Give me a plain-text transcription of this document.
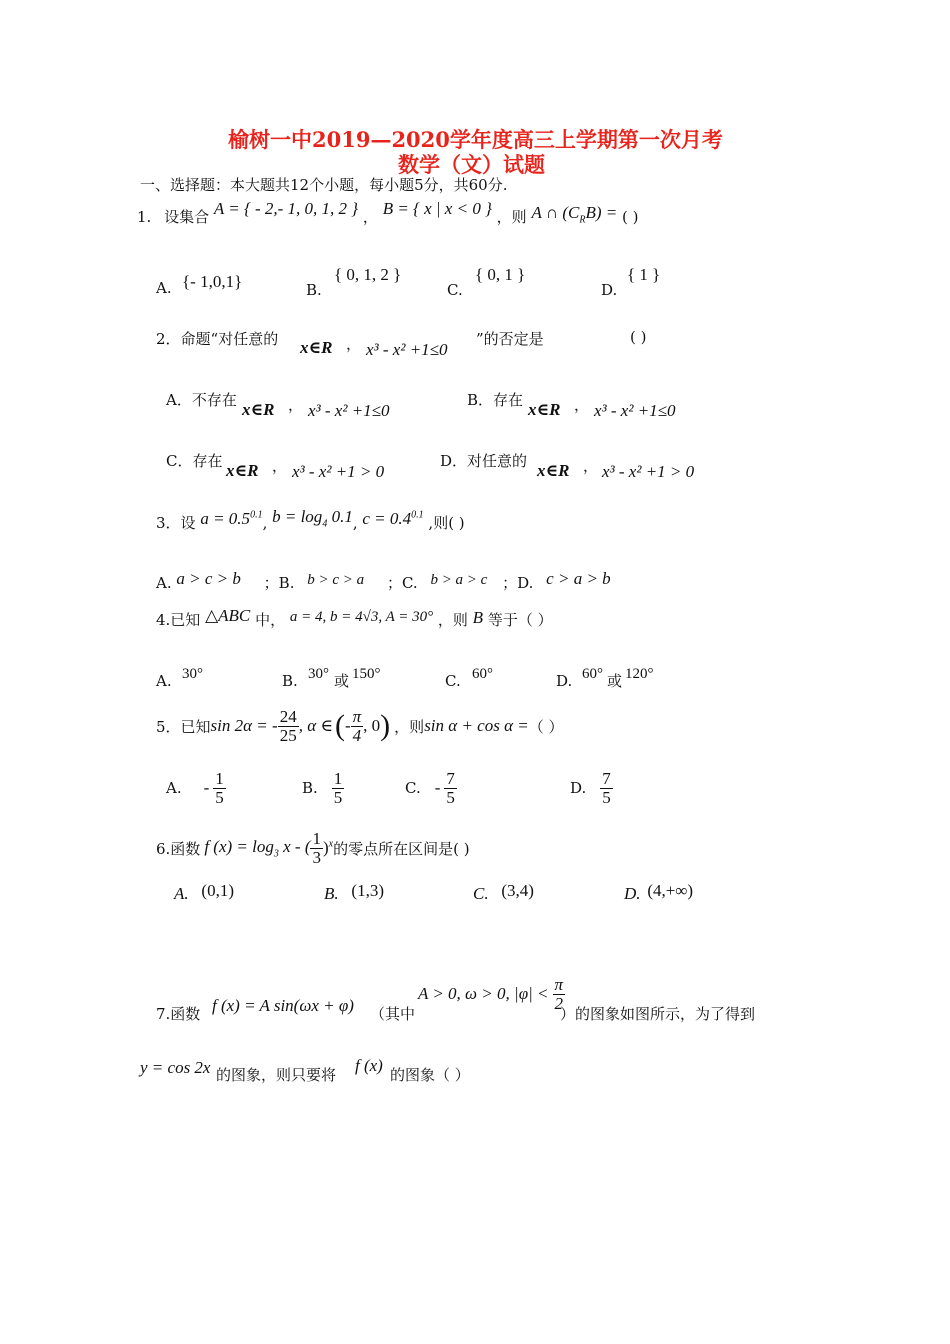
榆树一中2019—2020学年度高三上学期第一次月考
数学（文）试题
一、选择题：本大题共12个小题，每小题5分，共60分.
1. 设集合 A = { - 2,- 1, 0, 1, 2 } ， B = { x | x < 0 } ，则 A ∩ $(C_RB)$ = ( )
A. {- 1,0,1}	B.
{ 0, 1, 2 }
C.
{ 0, 1 }
D.
{ 1 }
2．命题“对任意的 x∈R ， x³ - x² +1≤0
”的否定是	( )
A．不存在 x∈R ， x³ - x² +1≤0
B．存在 x∈R ， x³ - x² +1≤0
C．存在 x∈R ， x³ - x² +1 > 0
D．对任意的 x∈R ， x³ - x² +1 > 0
3．设 $a = 0.5^{0.1}$, $b = \log_4 0.1$, $c = 0.4^{0.1}$ ,则( )
A. a > c > b ；B. b > c > a ；C. b > a > c ；D. c > a > b
4.已知 △ABC 中， a = 4, b = 4√3, A = 30° ，则 B 等于（ ）
A. 30°	B. 30° 或 150°	C. 60°	D. 60° 或 120°
5．已知 sin 2α = - $\frac{24}{25}$ , α ∈ ( - $\frac{\pi}{4}$ , 0 ) ，则 sin α + cos α = （ ）
A. - $\frac{1}{5}$	B. $\frac{1}{5}$	C. - $\frac{7}{5}$	D. $\frac{7}{5}$
6.函数 f $(x) = \log_3 x$ - ( $\frac{1}{3} )^x$ 的零点所在区间是( )
A. (0,1)	B. (1,3)	C. (3,4)	D. (4,+∞)
7.函数 f (x) = A sin(ωx + φ) （其中
A > 0, ω > 0, $|\varphi| < \frac{\pi}{2}$
）的图象如图所示，为了得到
y = cos 2x 的图象，则只要将 f (x) 的图象（ ）
